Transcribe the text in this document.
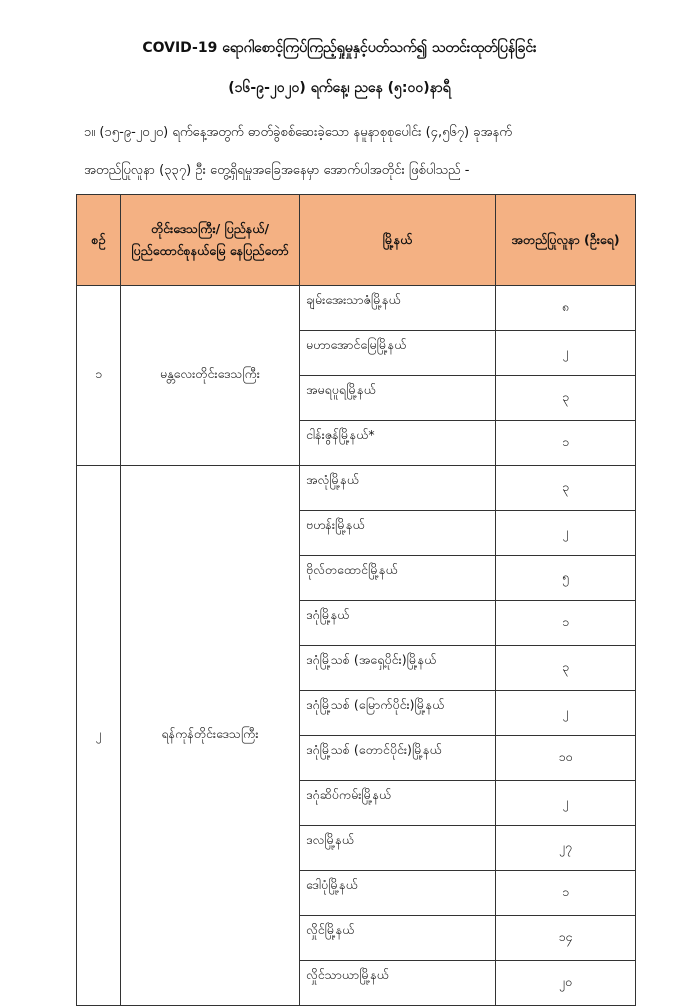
COVID-19 ရောဂါစောင့်ကြပ်ကြည့်ရှုမှုနှင့်ပတ်သက်၍ သတင်းထုတ်ပြန်ခြင်း
(၁၆-၉-၂၀၂၀) ရက်နေ့၊ ညနေ (၅:၀၀)နာရီ
၁။ (၁၅-၉-၂၀၂၀) ရက်နေ့အတွက် ဓာတ်ခွဲစစ်ဆေးခဲ့သော နမူနာစုစုပေါင်း (၄,၅၆၇) ခုအနက်
အတည်ပြုလူနာ (၃၃၇) ဦး တွေ့ရှိရမှုအခြေအနေမှာ အောက်ပါအတိုင်း ဖြစ်ပါသည် -
စဉ်	တိုင်းဒေသကြီး/ ပြည်နယ်/ ပြည်ထောင်စုနယ်မြေ နေပြည်တော်	မြို့နယ်	အတည်ပြုလူနာ (ဦးရေ)
၁	မန္တလေးတိုင်းဒေသကြီး	ချမ်းအေးသာဇံမြို့နယ်	၈
		မဟာအောင်မြေမြို့နယ်	၂
		အမရပူရမြို့နယ်	၃
		ငါန်းဇွန်မြို့နယ်*	၁
၂	ရန်ကုန်တိုင်းဒေသကြီး	အလုံမြို့နယ်	၃
		ဗဟန်းမြို့နယ်	၂
		ဗိုလ်တထောင်မြို့နယ်	၅
		ဒဂုံမြို့နယ်	၁
		ဒဂုံမြို့သစ် (အရှေ့ပိုင်း)မြို့နယ်	၃
		ဒဂုံမြို့သစ် (မြောက်ပိုင်း)မြို့နယ်	၂
		ဒဂုံမြို့သစ် (တောင်ပိုင်း)မြို့နယ်	၁၀
		ဒဂုံဆိပ်ကမ်းမြို့နယ်	၂
		ဒလမြို့နယ်	၂၇
		ဒေါပုံမြို့နယ်	၁
		လှိုင်မြို့နယ်	၁၄
		လှိုင်သာယာမြို့နယ်	၂၀
